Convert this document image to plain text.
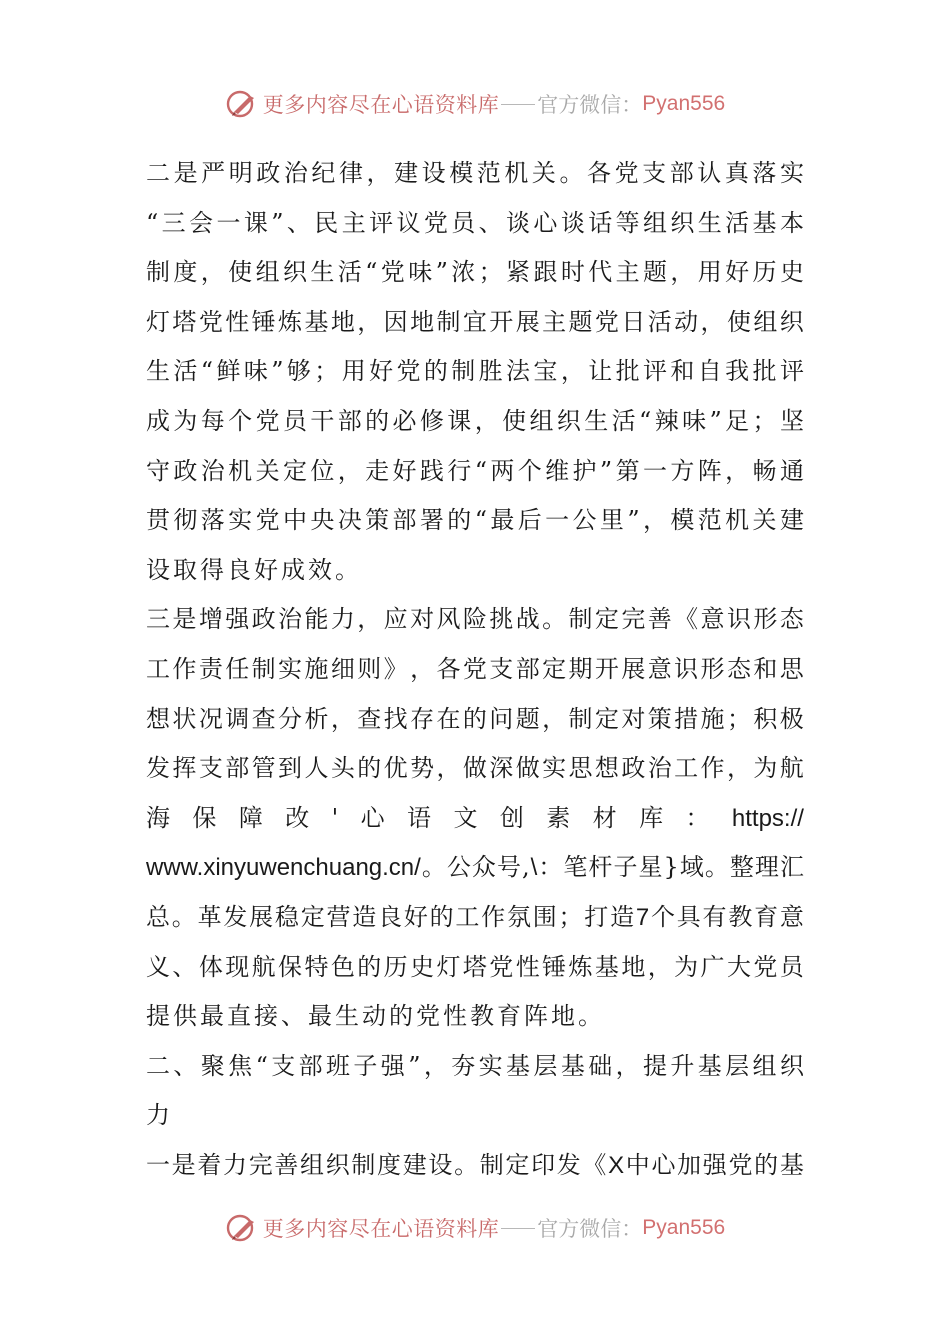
更多内容尽在心语资料库 官方微信： Pyan556
二 是 严 明 政 治 纪 律 ， 建 设 模 范 机 关 。 各 党 支 部 认 真 落 实
“ 三 会 一 课 ” 、 民 主 评 议 党 员 、 谈 心 谈 话 等 组 织 生 活 基 本
制 度 ， 使 组 织 生 活 “ 党 味 ” 浓 ； 紧 跟 时 代 主 题 ， 用 好 历 史
灯 塔 党 性 锤 炼 基 地 ， 因 地 制 宜 开 展 主 题 党 日 活 动 ， 使 组 织
生 活 “ 鲜 味 ” 够 ； 用 好 党 的 制 胜 法 宝 ， 让 批 评 和 自 我 批 评
成 为 每 个 党 员 干 部 的 必 修 课 ， 使 组 织 生 活 “ 辣 味 ” 足 ； 坚
守 政 治 机 关 定 位 ， 走 好 践 行 “ 两 个 维 护 ” 第 一 方 阵 ， 畅 通
贯 彻 落 实 党 中 央 决 策 部 署 的 “ 最 后 一 公 里 ” ， 模 范 机 关 建
设 取 得 良 好 成 效 。
三 是 增 强 政 治 能 力 ， 应 对 风 险 挑 战 。 制 定 完 善 《 意 识 形 态
工 作 责 任 制 实 施 细 则 》 ， 各 党 支 部 定 期 开 展 意 识 形 态 和 思
想 状 况 调 查 分 析 ， 查 找 存 在 的 问 题 ， 制 定 对 策 措 施 ； 积 极
发 挥 支 部 管 到 人 头 的 优 势 ， 做 深 做 实 思 想 政 治 工 作 ， 为 航
海 保 障 改 ' 心 语 文 创 素 材 库 ： https://
www.xinyuwenchuang.cn/ 。 公 众 号 , \ ： 笔 杆 子 星 } 域 。 整 理 汇
总 。 革 发 展 稳 定 营 造 良 好 的 工 作 氛 围 ； 打 造 7 个 具 有 教 育 意
义 、 体 现 航 保 特 色 的 历 史 灯 塔 党 性 锤 炼 基 地 ， 为 广 大 党 员
提 供 最 直 接 、 最 生 动 的 党 性 教 育 阵 地 。
二 、 聚 焦 “ 支 部 班 子 强 ” ， 夯 实 基 层 基 础 ， 提 升 基 层 组 织
力
一 是 着 力 完 善 组 织 制 度 建 设 。 制 定 印 发 《 X 中 心 加 强 党 的 基
更多内容尽在心语资料库 官方微信： Pyan556
